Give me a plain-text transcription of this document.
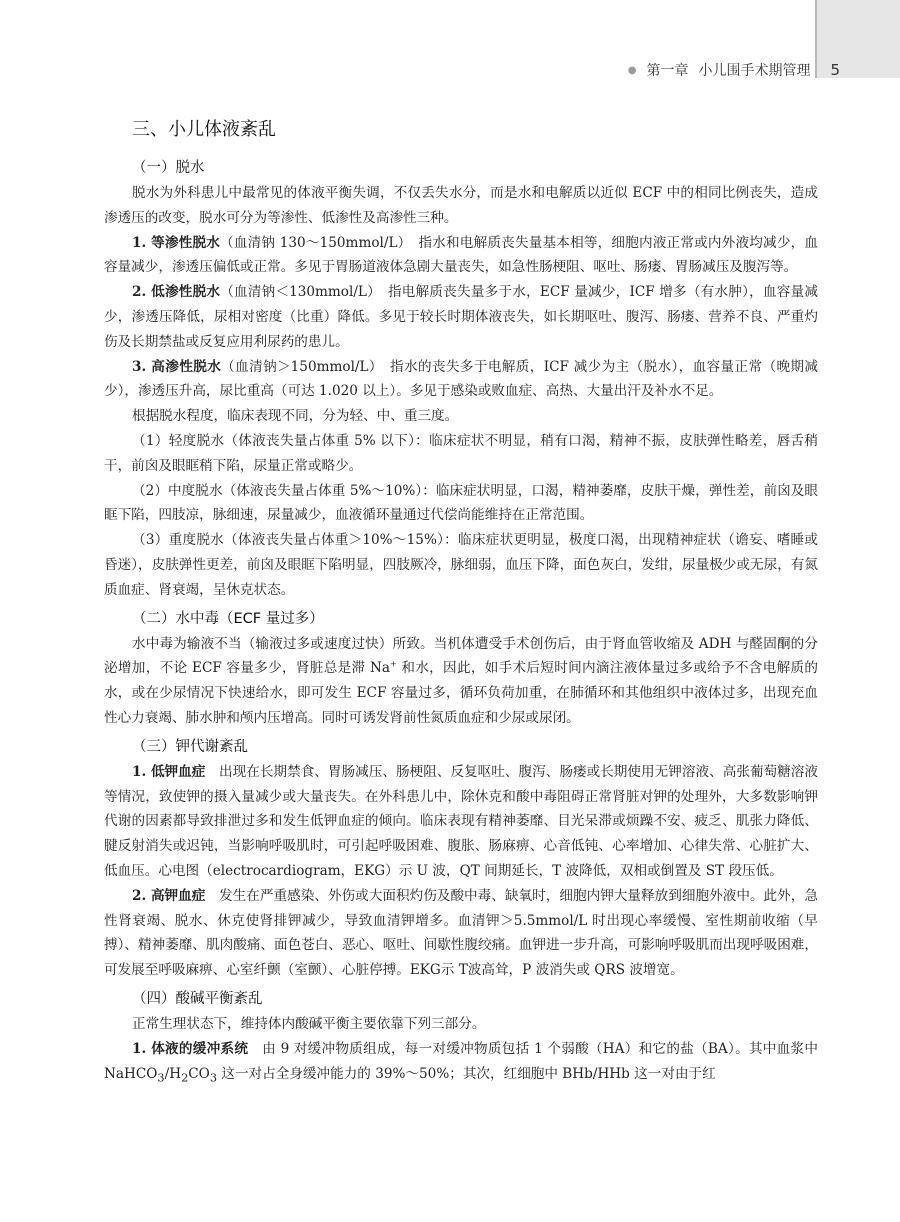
● 第一章 小儿围手术期管理 5
三、小儿体液紊乱
（一）脱水

脱水为外科患儿中最常见的体液平衡失调，不仅丢失水分，而是水和电解质以近似 ECF 中的相同比例丧失，造成渗透压的改变，脱水可分为等渗性、低渗性及高渗性三种。

1. 等渗性脱水（血清钠 130～150mmol/L）　指水和电解质丧失量基本相等，细胞内液正常或内外液均减少，血容量减少，渗透压偏低或正常。多见于胃肠道液体急剧大量丧失，如急性肠梗阻、呕吐、肠瘘、胃肠减压及腹泻等。

2. 低渗性脱水（血清钠＜130mmol/L）　指电解质丧失量多于水，ECF 量减少，ICF 增多（有水肿），血容量减少，渗透压降低，尿相对密度（比重）降低。多见于较长时期体液丧失，如长期呕吐、腹泻、肠瘘、营养不良、严重灼伤及长期禁盐或反复应用利尿药的患儿。

3. 高渗性脱水（血清钠＞150mmol/L）　指水的丧失多于电解质，ICF 减少为主（脱水），血容量正常（晚期减少），渗透压升高，尿比重高（可达 1.020 以上）。多见于感染或败血症、高热、大量出汗及补水不足。

根据脱水程度，临床表现不同，分为轻、中、重三度。

（1）轻度脱水（体液丧失量占体重 5% 以下）：临床症状不明显，稍有口渴，精神不振，皮肤弹性略差，唇舌稍干，前囟及眼眶稍下陷，尿量正常或略少。

（2）中度脱水（体液丧失量占体重 5%～10%）：临床症状明显，口渴，精神萎靡，皮肤干燥，弹性差，前囟及眼眶下陷，四肢凉，脉细速，尿量减少，血液循环量通过代偿尚能维持在正常范围。

（3）重度脱水（体液丧失量占体重＞10%～15%）：临床症状更明显，极度口渴，出现精神症状（谵妄、嗜睡或昏迷），皮肤弹性更差，前囟及眼眶下陷明显，四肢厥冷，脉细弱，血压下降，面色灰白，发绀，尿量极少或无尿，有氮质血症、肾衰竭，呈休克状态。

（二）水中毒（ECF 量过多）

水中毒为输液不当（输液过多或速度过快）所致。当机体遭受手术创伤后，由于肾血管收缩及 ADH 与醛固酮的分泌增加，不论 ECF 容量多少，肾脏总是滞 Na+ 和水，因此，如手术后短时间内滴注液体量过多或给予不含电解质的水，或在少尿情况下快速给水，即可发生 ECF 容量过多，循环负荷加重，在肺循环和其他组织中液体过多，出现充血性心力衰竭、肺水肿和颅内压增高。同时可诱发肾前性氮质血症和少尿或尿闭。

（三）钾代谢紊乱

1. 低钾血症　出现在长期禁食、胃肠减压、肠梗阻、反复呕吐、腹泻、肠瘘或长期使用无钾溶液、高张葡萄糖溶液等情况，致使钾的摄入量减少或大量丧失。在外科患儿中，除休克和酸中毒阻碍正常肾脏对钾的处理外，大多数影响钾代谢的因素都导致排泄过多和发生低钾血症的倾向。临床表现有精神萎靡、目光呆滞或烦躁不安、疲乏、肌张力降低、腱反射消失或迟钝，当影响呼吸肌时，可引起呼吸困难、腹胀、肠麻痹、心音低钝、心率增加、心律失常、心脏扩大、低血压。心电图（electrocardiogram，EKG）示 U 波，QT 间期延长，T 波降低，双相或倒置及 ST 段压低。

2. 高钾血症　发生在严重感染、外伤或大面积灼伤及酸中毒、缺氧时，细胞内钾大量释放到细胞外液中。此外，急性肾衰竭、脱水、休克使肾排钾减少，导致血清钾增多。血清钾＞5.5mmol/L 时出现心率缓慢、室性期前收缩（早搏）、精神萎靡、肌肉酸痛、面色苍白、恶心、呕吐、间歇性腹绞痛。血钾进一步升高，可影响呼吸肌而出现呼吸困难，可发展至呼吸麻痹、心室纤颤（室颤）、心脏停搏。EKG示 T波高耸，P 波消失或 QRS 波增宽。

（四）酸碱平衡紊乱

正常生理状态下，维持体内酸碱平衡主要依靠下列三部分。

1. 体液的缓冲系统　由 9 对缓冲物质组成，每一对缓冲物质包括 1 个弱酸（HA）和它的盐（BA）。其中血浆中 $NaHCO_3/H_2CO_3$ 这一对占全身缓冲能力的 39%～50%；其次，红细胞中 BHb/HHb 这一对由于红
